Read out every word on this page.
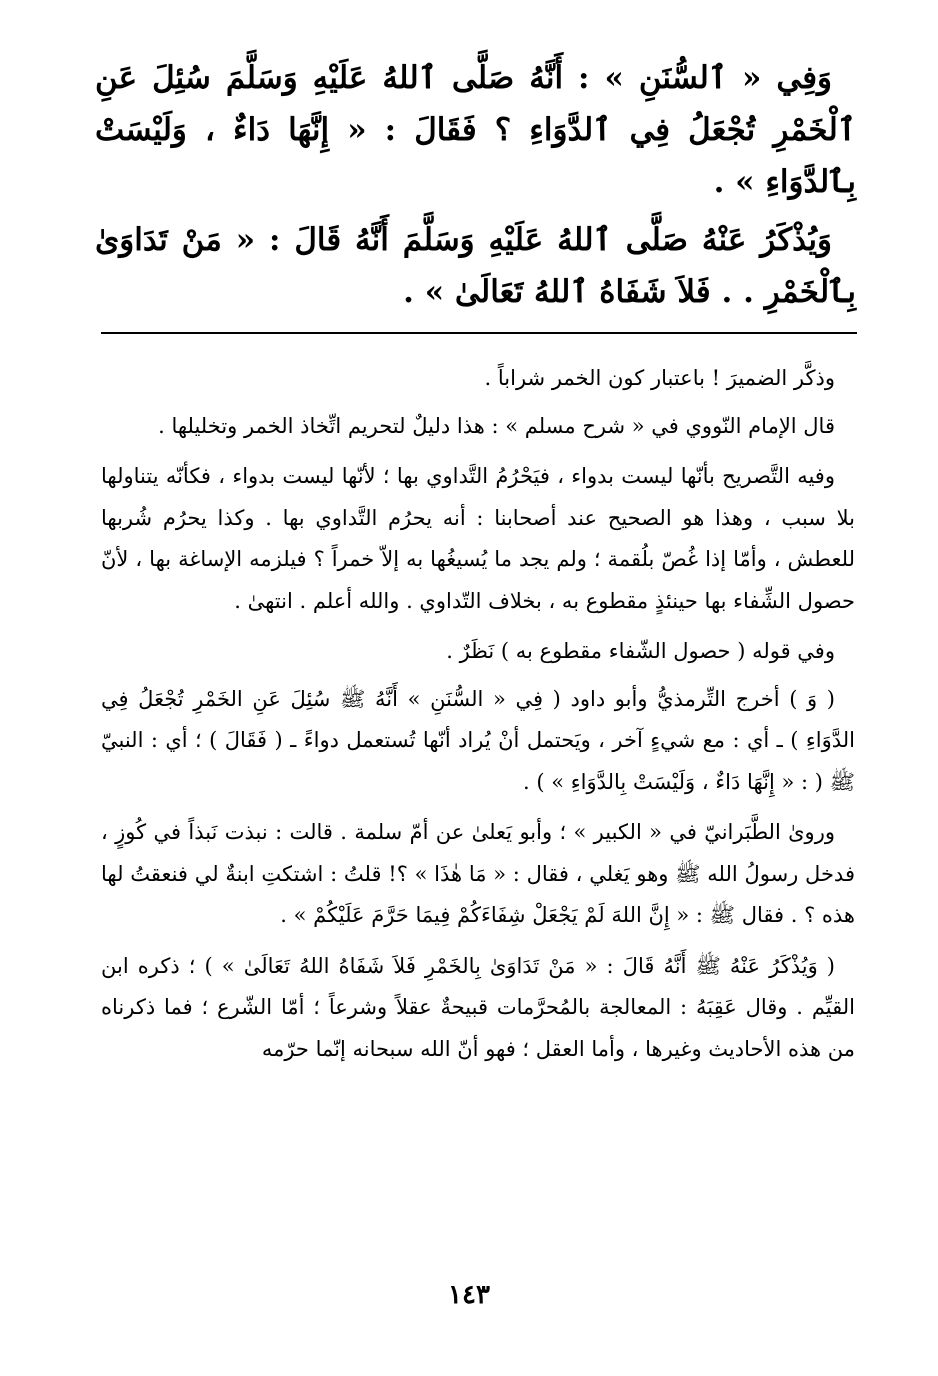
وَفِي « ٱلسُّنَنِ » : أَنَّهُ صَلَّى ٱللهُ عَلَيْهِ وَسَلَّمَ سُئِلَ عَنِ ٱلْخَمْرِ تُجْعَلُ فِي ٱلدَّوَاءِ ؟ فَقَالَ : « إِنَّهَا دَاءٌ ، وَلَيْسَتْ بِٱلدَّوَاءِ » .

وَيُذْكَرُ عَنْهُ صَلَّى ٱللهُ عَلَيْهِ وَسَلَّمَ أَنَّهُ قَالَ : « مَنْ تَدَاوَىٰ بِٱلْخَمْرِ . . فَلاَ شَفَاهُ ٱللهُ تَعَالَىٰ » .

وذكَّر الضميرَ ! باعتبار كون الخمر شراباً .

قال الإمام النّووي في « شرح مسلم » : هذا دليلٌ لتحريم اتِّخاذ الخمر وتخليلها .

وفيه التَّصريح بأنّها ليست بدواء ، فيَحْرُمُ التَّداوي بها ؛ لأنّها ليست بدواء ، فكأنّه يتناولها بلا سبب ، وهذا هو الصحيح عند أصحابنا : أنه يحرُم التَّداوي بها . وكذا يحرُم شُربها للعطش ، وأمّا إذا غُصّ بلُقمة ؛ ولم يجد ما يُسيغُها به إلاّ خمراً ؟ فيلزمه الإساغة بها ، لأنّ حصول الشِّفاء بها حينئذٍ مقطوع به ، بخلاف التّداوي . والله أعلم . انتهىٰ .

وفي قوله ( حصول الشّفاء مقطوع به ) نَظَرٌ .

( وَ ) أخرج التِّرمذيُّ وأبو داود ( فِي « السُّنَنِ » أَنَّهُ ﷺ سُئِلَ عَنِ الخَمْرِ تُجْعَلُ فِي الدَّوَاءِ ) ـ أي : مع شيءٍ آخر ، ويَحتمل أنْ يُراد أنّها تُستعمل دواءً ـ ( فَقَالَ ) ؛ أي : النبيّ ﷺ ( : « إِنَّهَا دَاءٌ ، وَلَيْسَتْ بِالدَّوَاءِ » ) .

وروىٰ الطَّبَرانيّ في « الكبير » ؛ وأبو يَعلىٰ عن أمّ سلمة . قالت : نبذت نَبذاً في كُوزٍ ، فدخل رسولُ الله ﷺ وهو يَغلي ، فقال : « مَا هٰذَا » ؟! قلتُ : اشتكتِ ابنةٌ لي فنعقتُ لها هذه ؟ . فقال ﷺ : « إِنَّ اللهَ لَمْ يَجْعَلْ شِفَاءَكُمْ فِيمَا حَرَّمَ عَلَيْكُمْ » .

( وَيُذْكَرُ عَنْهُ ﷺ أَنَّهُ قَالَ : « مَنْ تَدَاوَىٰ بِالخَمْرِ فَلاَ شَفَاهُ اللهُ تَعَالَىٰ » ) ؛ ذكره ابن القيِّم . وقال عَقِبَهُ : المعالجة بالمُحرَّمات قبيحةٌ عقلاً وشرعاً ؛ أمّا الشّرع ؛ فما ذكرناه من هذه الأحاديث وغيرها ، وأما العقل ؛ فهو أنّ الله سبحانه إنّما حرّمه

١٤٣
